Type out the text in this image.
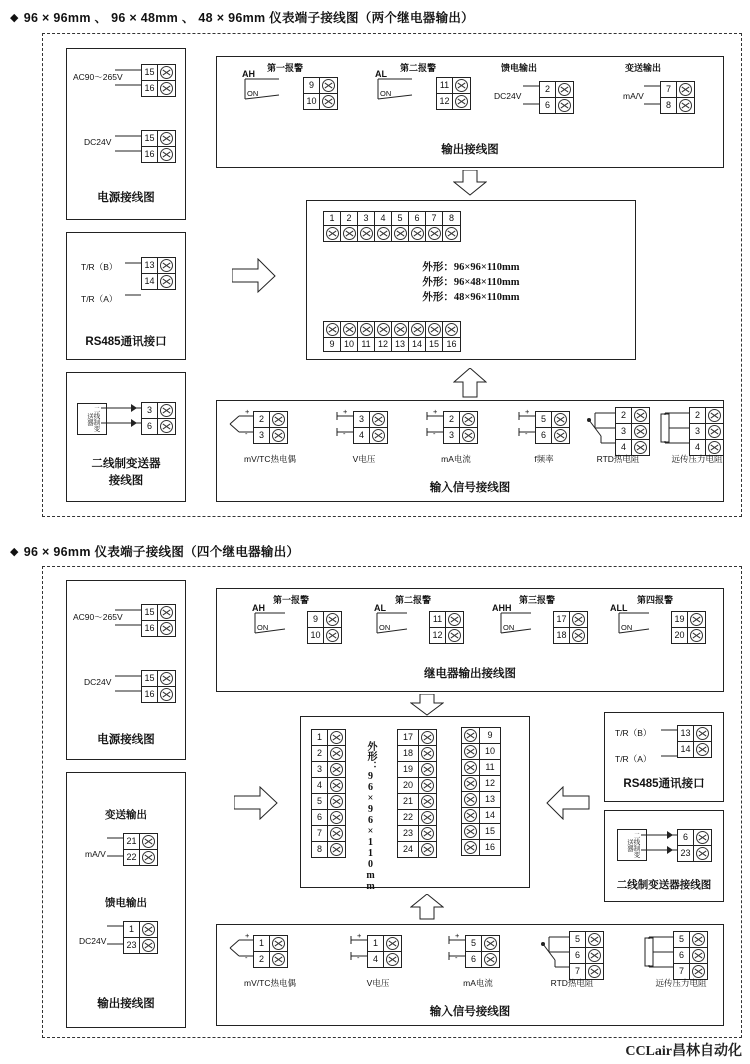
◆ 96 × 96mm 、 96 × 48mm 、 48 × 96mm 仪表端子接线图（两个继电器输出）
AC90～265V $\frac{15}{16}$
DC24V	$\frac{15}{16}$
电源接线图
T/R（B）
T/R（A）
$\frac{13}{14}$
RS485通讯接口
二线制变送器	$\frac{3}{6}$
二线制变送器
接线图
AH
第一报警
ON	$\frac{9}{10}$
AL
第二报警
ON	$\frac{11}{12}$
馈电输出
$DC24V \frac{2}{6}$
变送输出
$mA/V \frac{7}{8}$
输出接线图
1	2	3	4	5	6	7	8
外形：96×96×110mm
外形：96×48×110mm
外形：48×96×110mm
9	10 11 12 13 14 15 16
$\frac{2}{3}$
+
-
mV/TC热电偶
$\frac{3}{4}$
+
-
V电压
$\frac{2}{3}$
+
-
mA电流
$\frac{5}{6}$
+
-
f频率
2
3
4
RTD热电阻
2
3
4
远传压力电阻
输入信号接线图
◆ 96 × 96mm 仪表端子接线图（四个继电器输出）
AC90～265V $\frac{15}{16}$
DC24V	$\frac{15}{16}$
电源接线图
变送输出
$mA/V \frac{21}{22}$
馈电输出
$DC24V \frac{1}{23}$
输出接线图
AH
第一报警
ON	$\frac{9}{10}$
AL
第二报警
ON	$\frac{11}{12}$
AHH
第三报警
ON	$\frac{17}{18}$
ALL
第四报警
ON	$\frac{19}{20}$
继电器输出接线图
1
2
3
4
5
6
7
8	外形：96×96×110mm
17
18
19
20
21
22
23
24
9
10
11
12
13
14
15
16
T/R（B）
T/R（A）
$\frac{13}{14}$
RS485通讯接口
二线制变送器	$\frac{6}{23}$
二线制变送器接线图
$\frac{1}{2}$
+
-
mV/TC热电偶
$\frac{1}{4}$
+
-
V电压
$\frac{5}{6}$
+
-
mA电流
5
6
7
RTD热电阻
5
6
7
远传压力电阻
输入信号接线图
CCLair昌林自动化
